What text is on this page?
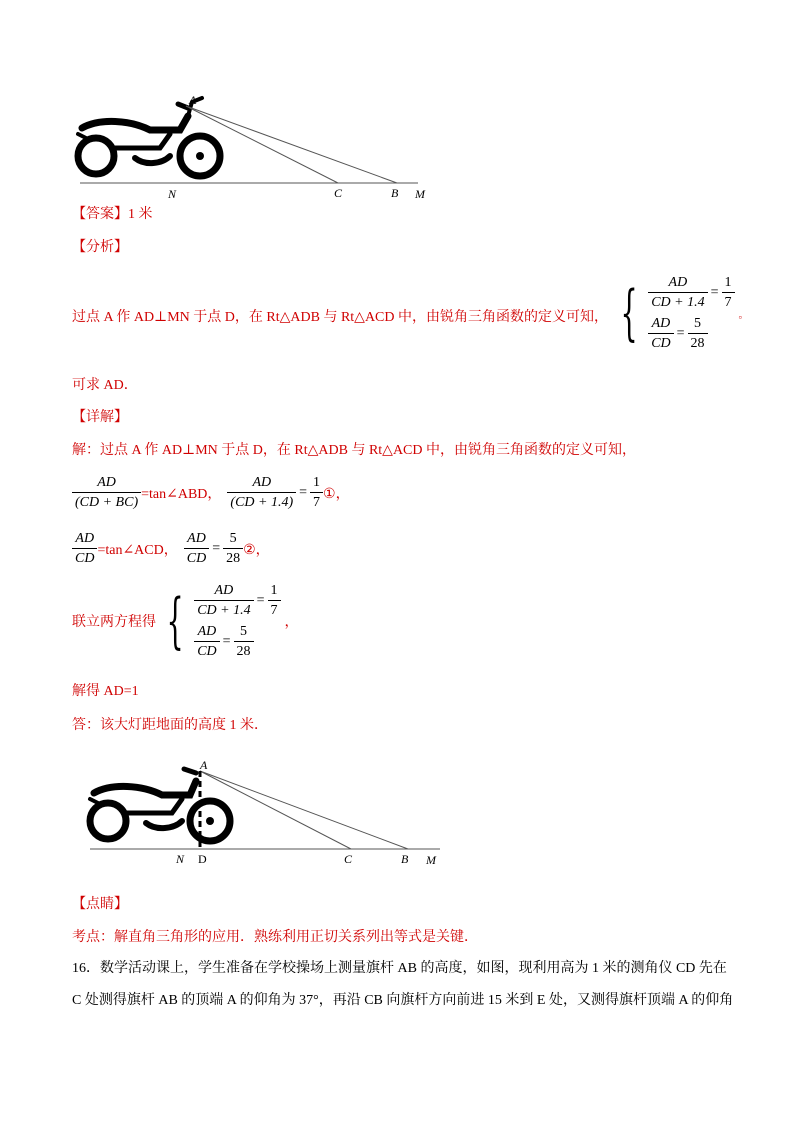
A
N	C	B M
【答案】1 米
【分析】
过点 A 作 AD⊥MN 于点 D，在 Rt△ADB 与 Rt△ACD 中，由锐角三角函数的定义可知， { $\frac{AD}{CD + 1.4} = \frac{1}{7}$
$\frac{AD}{CD} = \frac{5}{28}$	。
可求 AD．
【详解】
解：过点 A 作 AD⊥MN 于点 D，在 Rt△ADB 与 Rt△ACD 中，由锐角三角函数的定义可知，
$\frac{AD}{(CD + BC)}$ =tan∠ABD， $\frac{AD}{(CD + 1.4)} = \frac{1}{7}$ ①，
$\frac{AD}{CD}$ =tan∠ACD， $\frac{AD}{CD} = \frac{5}{28}$ ②，
联立两方程得 { $\frac{AD}{CD + 1.4} = \frac{1}{7}$
$\frac{AD}{CD} = \frac{5}{28}$
，
解得 AD=1
答：该大灯距地面的高度 1 米．
A
N D	C	B M
【点睛】
考点：解直角三角形的应用．熟练利用正切关系列出等式是关键．
16．数学活动课上，学生准备在学校操场上测量旗杆 AB 的高度，如图，现利用高为 1 米的测角仪 CD 先在
C 处测得旗杆 AB 的顶端 A 的仰角为 37°，再沿 CB 向旗杆方向前进 15 米到 E 处，又测得旗杆顶端 A 的仰角
